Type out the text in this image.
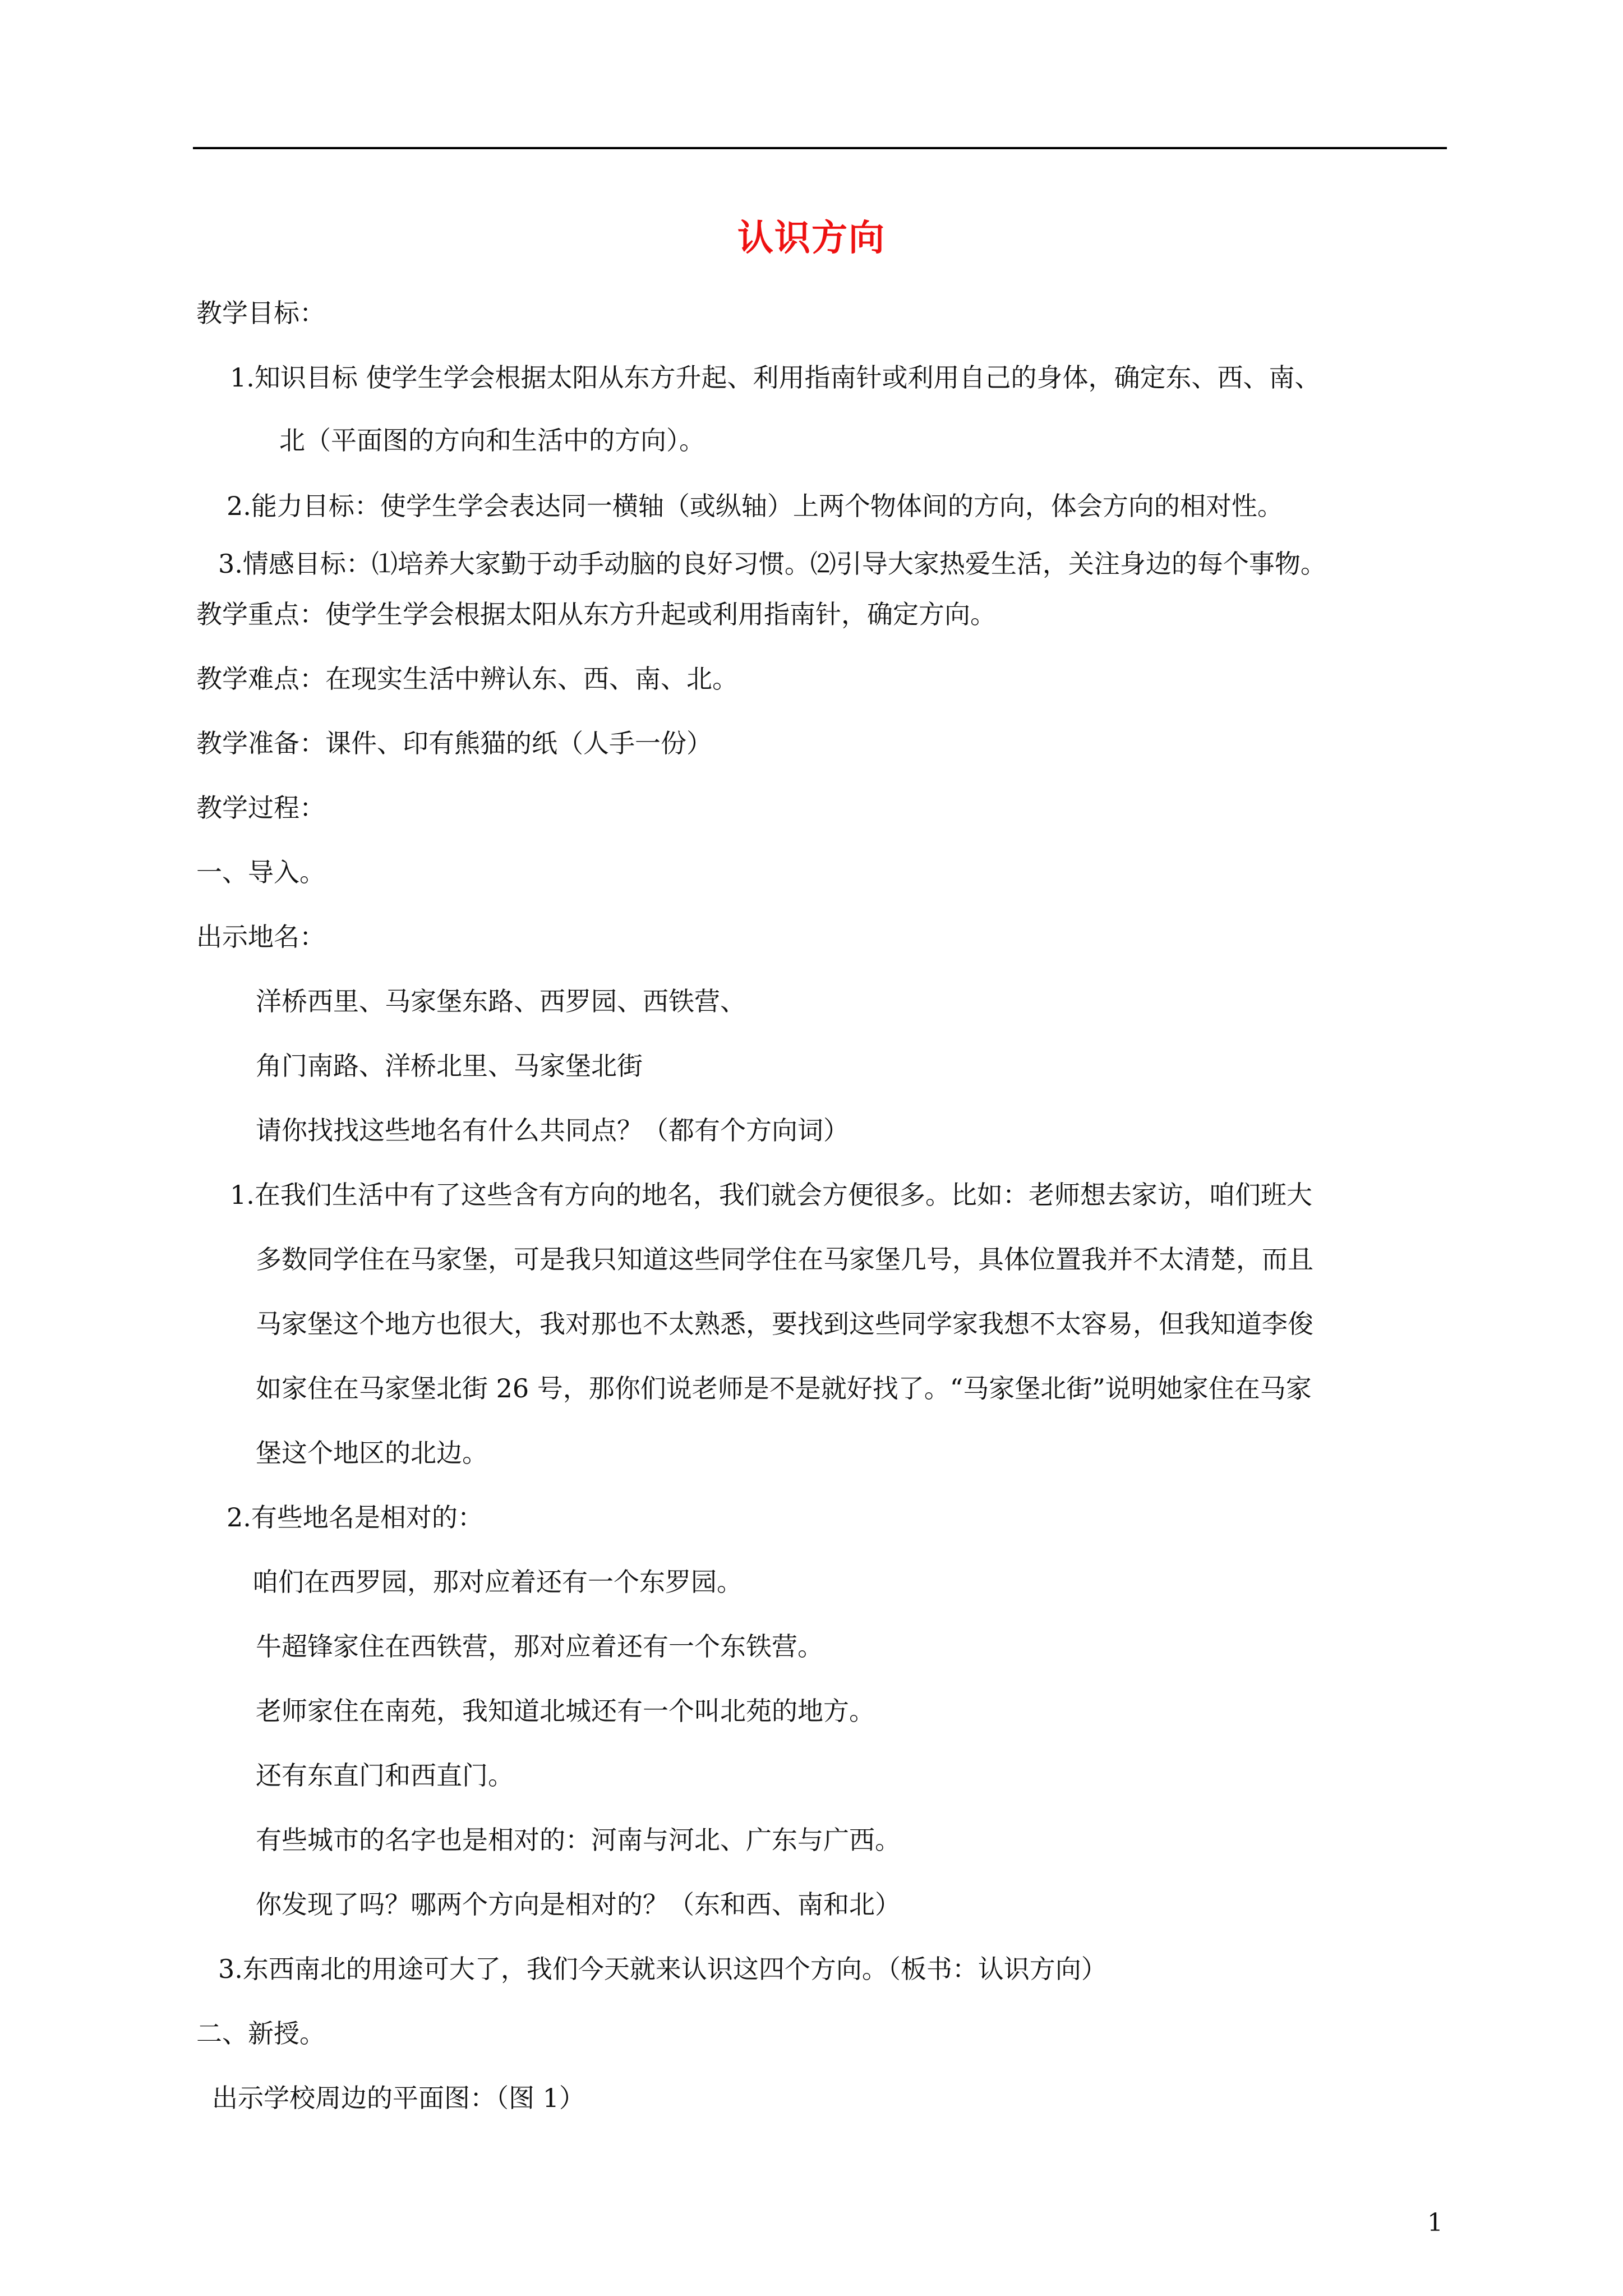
认识方向
教学目标：
1.知识目标 使学生学会根据太阳从东方升起、利用指南针或利用自己的身体，确定东、西、南、
北（平面图的方向和生活中的方向）。
2.能力目标：使学生学会表达同一横轴（或纵轴）上两个物体间的方向，体会方向的相对性。
3.情感目标：⑴培养大家勤于动手动脑的良好习惯。⑵引导大家热爱生活，关注身边的每个事物。
教学重点：使学生学会根据太阳从东方升起或利用指南针，确定方向。
教学难点：在现实生活中辨认东、西、南、北。
教学准备：课件、印有熊猫的纸（人手一份）
教学过程：
一、导入。
出示地名：
洋桥西里、马家堡东路、西罗园、西铁营、
角门南路、洋桥北里、马家堡北街
请你找找这些地名有什么共同点？（都有个方向词）
1.在我们生活中有了这些含有方向的地名，我们就会方便很多。比如：老师想去家访，咱们班大
多数同学住在马家堡，可是我只知道这些同学住在马家堡几号，具体位置我并不太清楚，而且
马家堡这个地方也很大，我对那也不太熟悉，要找到这些同学家我想不太容易，但我知道李俊
如家住在马家堡北街 26 号，那你们说老师是不是就好找了。“马家堡北街”说明她家住在马家
堡这个地区的北边。
2.有些地名是相对的：
咱们在西罗园，那对应着还有一个东罗园。
牛超锋家住在西铁营，那对应着还有一个东铁营。
老师家住在南苑，我知道北城还有一个叫北苑的地方。
还有东直门和西直门。
有些城市的名字也是相对的：河南与河北、广东与广西。
你发现了吗？哪两个方向是相对的？（东和西、南和北）
3.东西南北的用途可大了，我们今天就来认识这四个方向。（板书：认识方向）
二、新授。
出示学校周边的平面图：（图 1）
1
